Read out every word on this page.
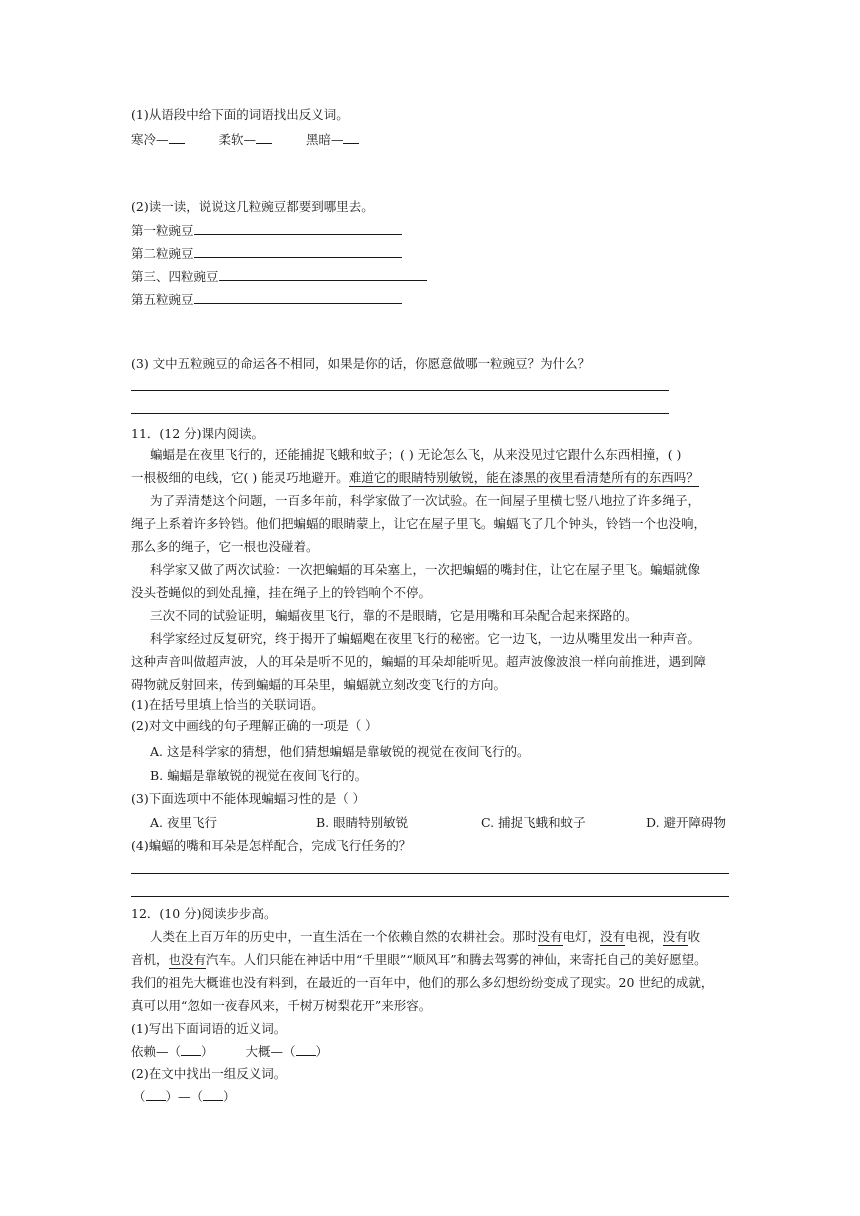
(1)从语段中给下面的词语找出反义词。
寒冷—	柔软—	黑暗—
(2)读一读，说说这几粒豌豆都要到哪里去。
第一粒豌豆
第二粒豌豆
第三、四粒豌豆
第五粒豌豆
(3) 文中五粒豌豆的命运各不相同，如果是你的话，你愿意做哪一粒豌豆？为什么？
11．(12 分)课内阅读。
蝙蝠是在夜里飞行的，还能捕捉飞蛾和蚊子；( ) 无论怎么飞，从来没见过它跟什么东西相撞，( )
一根极细的电线，它( ) 能灵巧地避开。难道它的眼睛特别敏锐，能在漆黑的夜里看清楚所有的东西吗？
为了弄清楚这个问题，一百多年前，科学家做了一次试验。在一间屋子里横七竖八地拉了许多绳子，
绳子上系着许多铃铛。他们把蝙蝠的眼睛蒙上，让它在屋子里飞。蝙蝠飞了几个钟头，铃铛一个也没响，
那么多的绳子，它一根也没碰着。
科学家又做了两次试验：一次把蝙蝠的耳朵塞上，一次把蝙蝠的嘴封住，让它在屋子里飞。蝙蝠就像
没头苍蝇似的到处乱撞，挂在绳子上的铃铛响个不停。
三次不同的试验证明，蝙蝠夜里飞行，靠的不是眼睛，它是用嘴和耳朵配合起来探路的。
科学家经过反复研究，终于揭开了蝙蝠飑在夜里飞行的秘密。它一边飞，一边从嘴里发出一种声音。
这种声音叫做超声波，人的耳朵是听不见的，蝙蝠的耳朵却能听见。超声波像波浪一样向前推进，遇到障
碍物就反射回来，传到蝙蝠的耳朵里，蝙蝠就立刻改变飞行的方向。
(1)在括号里填上恰当的关联词语。
(2)对文中画线的句子理解正确的一项是（ ）
A. 这是科学家的猜想，他们猜想蝙蝠是靠敏锐的视觉在夜间飞行的。
B. 蝙蝠是靠敏锐的视觉在夜间飞行的。
(3)下面选项中不能体现蝙蝠习性的是（ ）
A. 夜里飞行	B. 眼睛特别敏锐	C. 捕捉飞蛾和蚊子	D. 避开障碍物
(4)蝙蝠的嘴和耳朵是怎样配合，完成飞行任务的？
12．(10 分)阅读步步高。
人类在上百万年的历史中，一直生活在一个依赖自然的农耕社会。那时没有电灯，没有电视，没有收
音机，也没有汽车。人们只能在神话中用“千里眼”“顺风耳”和腾去驾雾的神仙，来寄托自己的美好愿望。
我们的祖先大概谁也没有料到，在最近的一百年中，他们的那么多幻想纷纷变成了现实。20 世纪的成就，
真可以用“忽如一夜春风来，千树万树梨花开”来形容。
(1)写出下面词语的近义词。
依赖—（ ）	大概—（ ）
(2)在文中找出一组反义词。
（ ）—（ ）
